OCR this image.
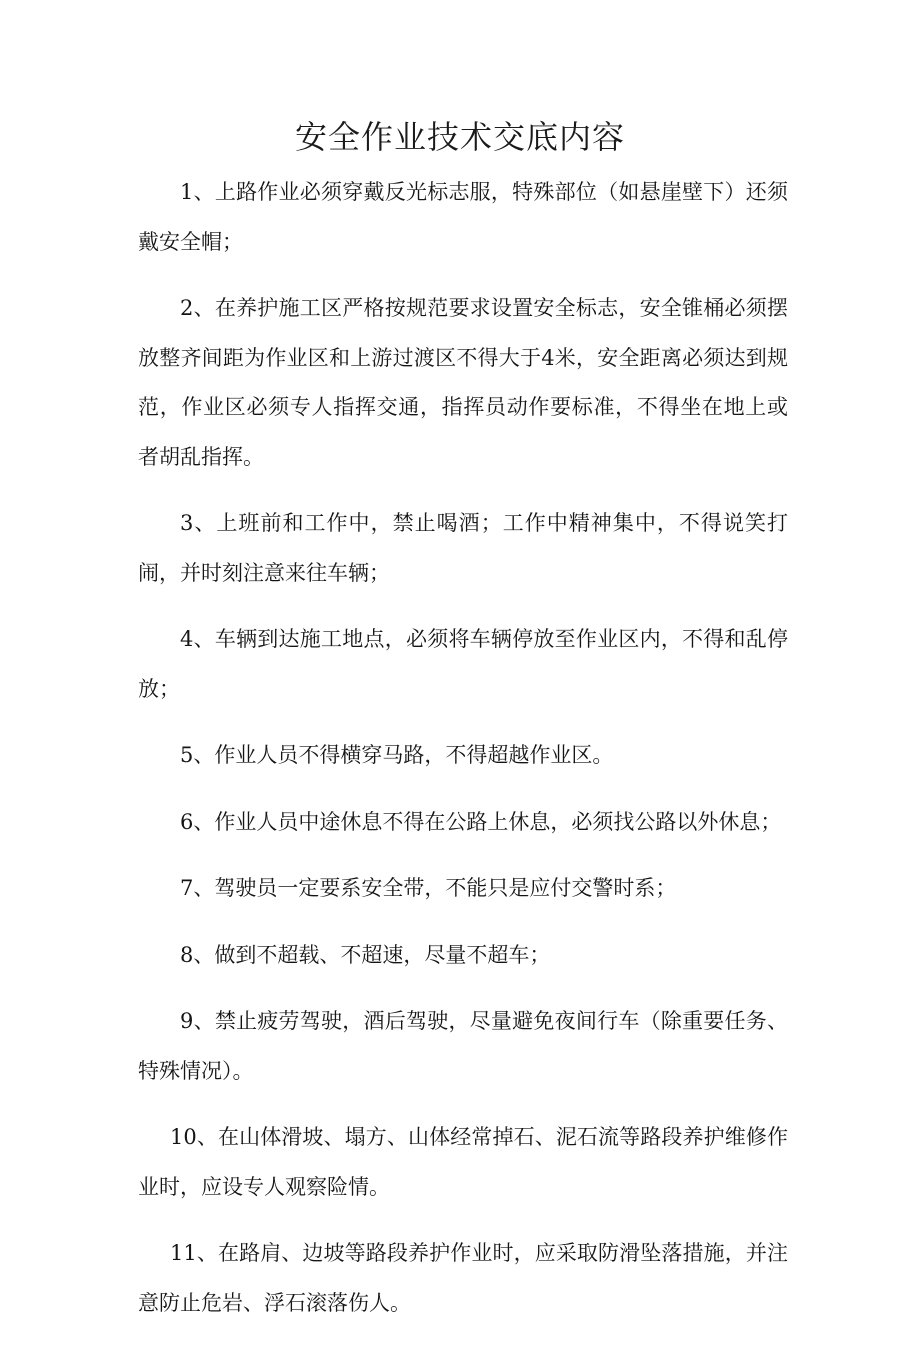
安全作业技术交底内容

1、上路作业必须穿戴反光标志服，特殊部位（如悬崖壁下）还须戴安全帽；

2、在养护施工区严格按规范要求设置安全标志，安全锥桶必须摆放整齐间距为作业区和上游过渡区不得大于4米，安全距离必须达到规范，作业区必须专人指挥交通，指挥员动作要标准，不得坐在地上或者胡乱指挥。

3、上班前和工作中，禁止喝酒；工作中精神集中，不得说笑打闹，并时刻注意来往车辆；

4、车辆到达施工地点，必须将车辆停放至作业区内，不得和乱停放；

5、作业人员不得横穿马路，不得超越作业区。

6、作业人员中途休息不得在公路上休息，必须找公路以外休息；

7、驾驶员一定要系安全带，不能只是应付交警时系；

8、做到不超载、不超速，尽量不超车；

9、禁止疲劳驾驶，酒后驾驶，尽量避免夜间行车（除重要任务、特殊情况）。

10、在山体滑坡、塌方、山体经常掉石、泥石流等路段养护维修作业时，应设专人观察险情。

11、在路肩、边坡等路段养护作业时，应采取防滑坠落措施，并注意防止危岩、浮石滚落伤人。
